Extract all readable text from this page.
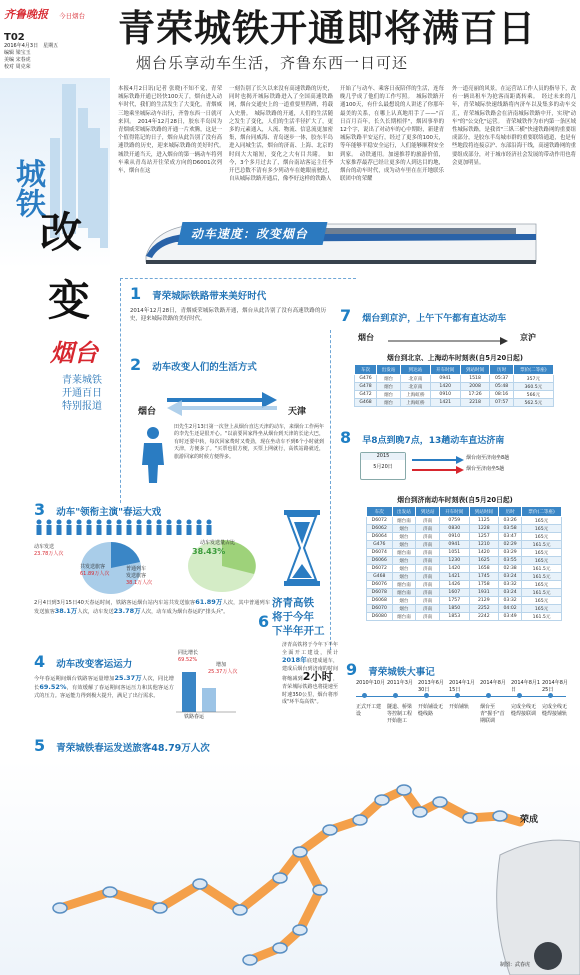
齐鲁晚报 今日烟台
T02
2016年4月3日　星期五
编辑 梁宝玉
美编 宋春虎
校对 周克荣
青荣城铁开通即将满百日
烟台乐享动车生活，齐鲁东西一日可还
城铁
改
变
烟台
青莱城铁
开通百日
特别报道
本报4月2日讯(记者 张晓)不知不觉，青荣城际铁路开通已经快100天了，烟台进入动车时代，我们的生活发生了大变化，青烟威三地乘坐城际动车出行，齐鲁东西一日就可来回。　2014年12月28日，胶东半岛因为青烟威荣城际铁路的开通一片欢腾，这是一个值得铭记的日子，烟台从此告别了没有高速铁路的历史，迎来城际铁路的美好时代。　城铁开通当天，进入烟台的第一辆动车将列车乘从青岛站开往荣成方向的D6001次列车，烟台在这
一刻告别了长久以来没有高速铁路的历史，同时也揭开城际铁路进入了全国高速铁路网，烟台交通史上的一道重要里程碑，将载入史册。　城际铁路的开通，人们的生活随之发生了变化，人们的生活半径扩大了，更多的元素通入，人流、物流、信息流更加密集，烟台同威海、青岛逐步一体，胶东半岛进入同城生活，烟台的济南、上海、北京的时间大大缩短，变化之大有目共睹。　如今，3个多月过去了，烟台南站客运主任李开巴总数不清有多少列动车在她眼前驶过，自从城际铁路开通后，像李好这样的铁路人
开始了与动车、乘客日夜陪伴的生活，连每晚几乎成了他们的工作写照。　城际铁路开通100天，有什么最想说的人讲述了你那年最美的关系，在哪上认真地用手了——"百日百月百年，长久长期相伴"，烟因事举的12个字，说出了对动车的心中期盼，新建青城际铁路平安运行，经过了更多的100天，等年能够平稳安全运行，人们能够顺利安全到家。　动铁通用。加速推荐的旅游价值，大家推荐最荐已经让更多的人到达目的地，烟台的动车时代，成为动车里在在开地联乐联团中的荣耀
外一道亮丽的风景，在运营站工作人员的指导下，改有一辆出租车为抢客而距离转乘。　经过未来的几年，青荣城际快速线路将内济车以及集多的动车交汇，青荣城际铁路会在济南城际铁路中开，实现"动车"的"公交化"运营。　青荣城铁作为市内第一条区域性城际铁路，是我省"三纵三横"快速铁路网的重要组成部分，是胶东半岛城市群的重要联络通道，也是有些地段将连接京沪、东部沿海干线，高速铁路网的重要组成部分，对于城市经济社会发展的带动作用也将会更加明显。
动车速度：改变烟台
1 青荣城际铁路带来美好时代
2014年12月28日，青烟威荣城际铁路开通，烟台从此告别了没有高速铁路的历史，迎来城际铁路的美好时代。
2 动车改变人们的生活方式
烟台	天津
田先生2月13日第一次登上从烟台直达天津的动车，来烟台工作两年的李先生还是很开心。"以前要回家得坐从烟台到天津的长途大巴，有时还要中转，每次回家费时又费劲，现在坐动车不到6个小时就到天津，方便多了。"买票也很方便，买票上网就行，高铁站路就近，旅游回家的时候方便得多。
3 动车"领衔主演"春运大戏
动车发送
23.78万人次
共发送旅客
61.89万人次
普通列车
发送旅客
38.1万人次
动车发送量占比
38.43%
2月4日到3月15日40天春运时间，铁路客运烟台站内车站共发送旅客61.89万人次，其中普通列车发送旅客38.1万人次，动车发送23.78万人次，动车成为烟台春运的"排头兵"。	6
济青高铁
将于今年
下半年开工
济青高铁将于今年下半年全面开工建设，预计2018年底建成通车，建成后烟台到济南的时间将缩减到2小时，青荣城际铁路也将提速至时速350公里，烟台将形成"环半岛高铁"。
4 动车改变客运运力
今年春运期间烟台铁路客运量增加25.37万人次，同比增长69.52%，有效缓解了春运期间客运压力和其他客运方式的压力。客运能力得到极大提升，满足了出行需求。
同比增长
69.52%
增加
25.37万人次
铁路春运
5 青荣城铁春运发送旅客48.79万人次
7 烟台到京沪，上午下午都有直达动车
烟台	京沪
烟台到北京、上海动车时刻表(自5月20日起)
车次	出发站	到达站	开车时间	到站时间	历时	票价(二等座)
G476	烟台	北京南	0941	1518	05:37	357元
G478	烟台	北京南	1420	2008	05:48	360.5元
G472	烟台	上海虹桥	0910	17:26	08:16	566元
G468	烟台	上海虹桥	1421	2218	07:57	562.5元
8 早8点到晚7点，13趟动车直达济南
2015
5月20日
烟台南至济南坐8趟
烟台至济南坐5趟
烟台到济南动车时刻表(自5月20日起)
车次	出发站	到达站	开车时间	到站时间	历时	票价(二等座)
D6072	烟台南	济南	0759	1125	03:26	165元
D6062	烟台	济南	0830	1228	03:58	165元
D6064	烟台	济南	0910	1257	03:47	165元
G476	烟台	济南	0941	1210	02:29	161.5元
D6074	烟台南	济南	1051	1420	03:29	165元
D6066	烟台	济南	1230	1625	03:55	165元
D6072	烟台	济南	1420	1658	02:38	161.5元
G468	烟台	济南	1421	1745	03:24	161.5元
D6076	烟台南	济南	1426	1758	03:32	165元
D6078	烟台南	济南	1607	1931	03:24	161.5元
D6068	烟台	济南	1757	2129	03:32	165元
D6070	烟台	济南	1850	2252	04:02	165元
D6080	烟台南	济南	1853	2242	03:49	161.5元
9 青荣城铁大事记
2010年10月
正式开工建设
2011年3月
隧道、桥梁等控制工程开始施工
2013年6月30日
开始铺设无缝线路
2014年1月15日
开始铺轨
2014年8月
烟台至青"握手"首期联调
2014年8月1日
完成全线无缝焊接联调
2014年8月25日
完成全线无缝焊接铺轨
荣成
制图：武春虎
